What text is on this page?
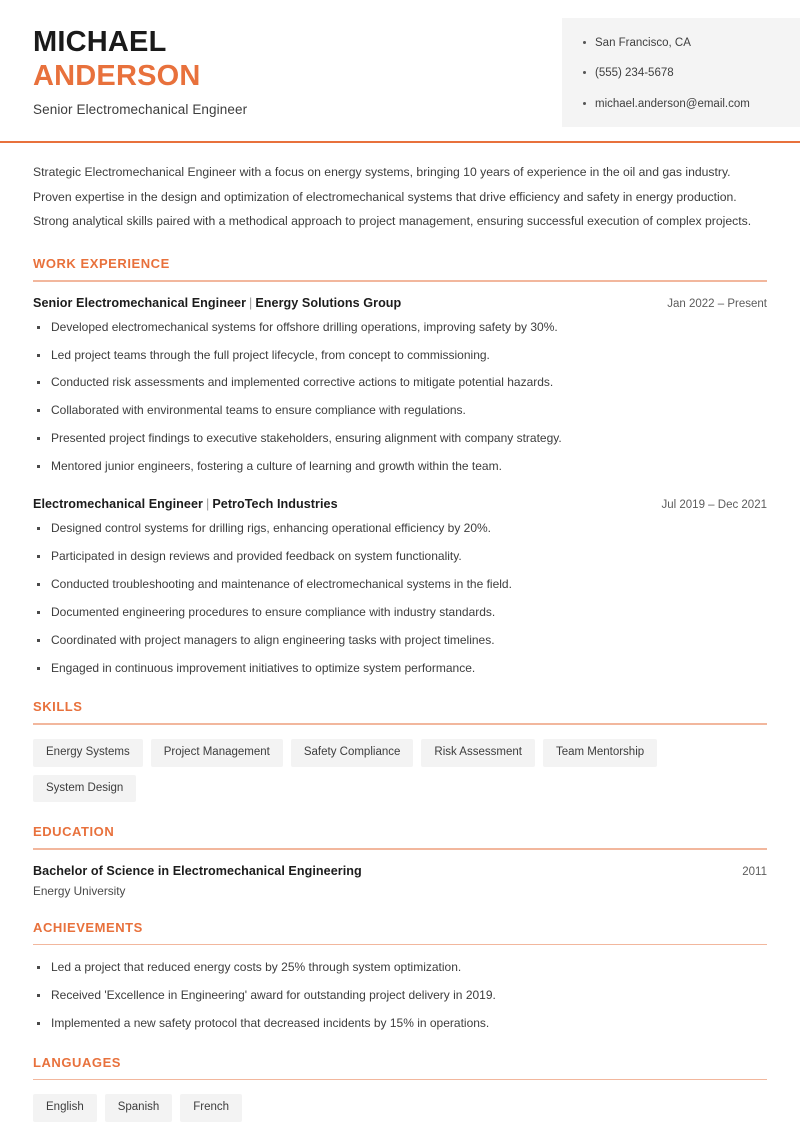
MICHAEL
ANDERSON
Senior Electromechanical Engineer
San Francisco, CA
(555) 234-5678
michael.anderson@email.com

Strategic Electromechanical Engineer with a focus on energy systems, bringing 10 years of experience in the oil and gas industry. Proven expertise in the design and optimization of electromechanical systems that drive efficiency and safety in energy production. Strong analytical skills paired with a methodical approach to project management, ensuring successful execution of complex projects.

WORK EXPERIENCE
Senior Electromechanical Engineer | Energy Solutions Group	Jan 2022 – Present
Developed electromechanical systems for offshore drilling operations, improving safety by 30%.
Led project teams through the full project lifecycle, from concept to commissioning.
Conducted risk assessments and implemented corrective actions to mitigate potential hazards.
Collaborated with environmental teams to ensure compliance with regulations.
Presented project findings to executive stakeholders, ensuring alignment with company strategy.
Mentored junior engineers, fostering a culture of learning and growth within the team.
Electromechanical Engineer | PetroTech Industries	Jul 2019 – Dec 2021
Designed control systems for drilling rigs, enhancing operational efficiency by 20%.
Participated in design reviews and provided feedback on system functionality.
Conducted troubleshooting and maintenance of electromechanical systems in the field.
Documented engineering procedures to ensure compliance with industry standards.
Coordinated with project managers to align engineering tasks with project timelines.
Engaged in continuous improvement initiatives to optimize system performance.
SKILLS
Energy Systems	Project Management	Safety Compliance	Risk Assessment	Team Mentorship
System Design
EDUCATION
Bachelor of Science in Electromechanical Engineering	2011
Energy University
ACHIEVEMENTS
Led a project that reduced energy costs by 25% through system optimization.
Received 'Excellence in Engineering' award for outstanding project delivery in 2019.
Implemented a new safety protocol that decreased incidents by 15% in operations.
LANGUAGES
English	Spanish	French
